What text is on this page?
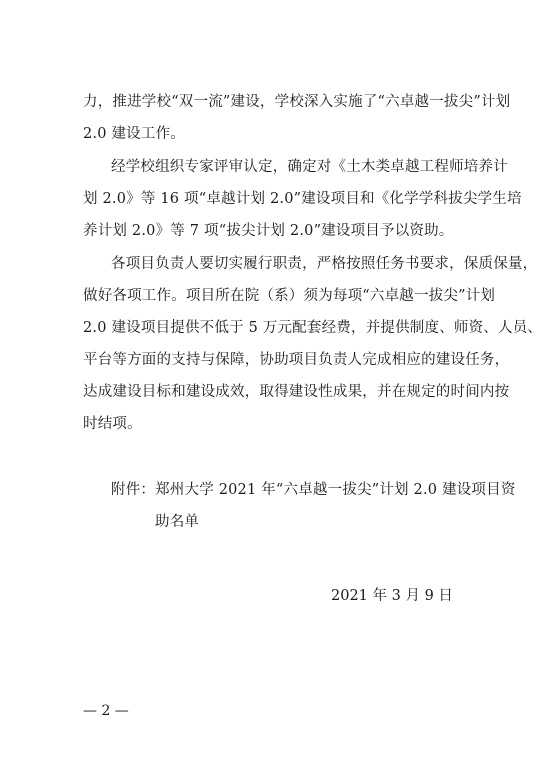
力，推进学校“双一流”建设，学校深入实施了“六卓越一拔尖”计划
2.0 建设工作。
经学校组织专家评审认定，确定对《土木类卓越工程师培养计
划 2.0》等 16 项“卓越计划 2.0”建设项目和《化学学科拔尖学生培
养计划 2.0》等 7 项“拔尖计划 2.0”建设项目予以资助。
各项目负责人要切实履行职责，严格按照任务书要求，保质保量，
做好各项工作。项目所在院（系）须为每项“六卓越一拔尖”计划
2.0 建设项目提供不低于 5 万元配套经费，并提供制度、师资、人员、
平台等方面的支持与保障，协助项目负责人完成相应的建设任务，
达成建设目标和建设成效，取得建设性成果，并在规定的时间内按
时结项。
附件：郑州大学 2021 年“六卓越一拔尖”计划 2.0 建设项目资
助名单
2021 年 3 月 9 日
— 2 —
